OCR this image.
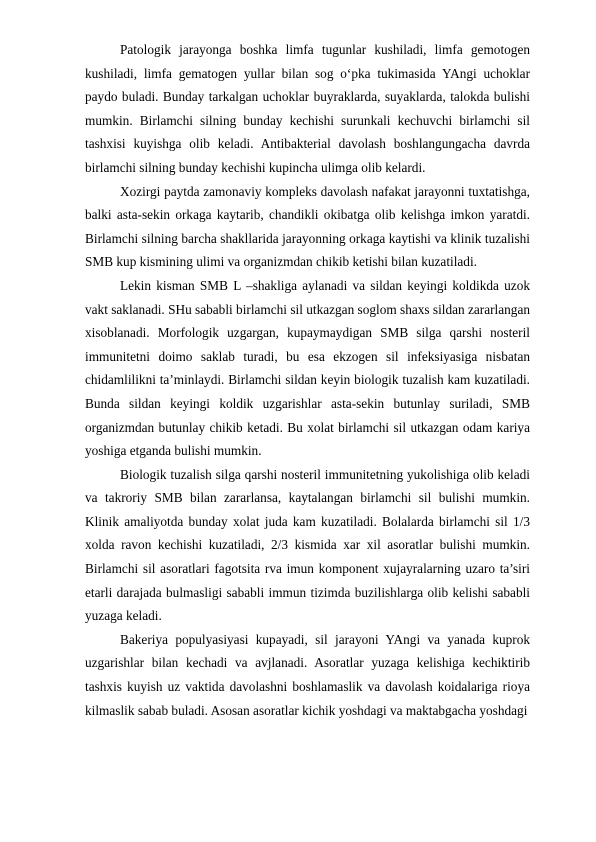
Patologik jarayonga boshka limfa tugunlar kushiladi, limfa gemotogen kushiladi, limfa gematogen yullar bilan sog o‘pka tukimasida YAngi uchoklar paydo buladi. Bunday tarkalgan uchoklar buyraklarda, suyaklarda, talokda bulishi mumkin. Birlamchi silning bunday kechishi surunkali kechuvchi birlamchi sil tashxisi kuyishga olib keladi. Antibakterial davolash boshlangungacha davrda birlamchi silning bunday kechishi kupincha ulimga olib kelardi.

Xozirgi paytda zamonaviy kompleks davolash nafakat jarayonni tuxtatishga, balki asta-sekin orkaga kaytarib, chandikli okibatga olib kelishga imkon yaratdi. Birlamchi silning barcha shakllarida jarayonning orkaga kaytishi va klinik tuzalishi SMB kup kismining ulimi va organizmdan chikib ketishi bilan kuzatiladi.

Lekin kisman SMB L –shakliga aylanadi va sildan keyingi koldikda uzok vakt saklanadi. SHu sababli birlamchi sil utkazgan soglom shaxs sildan zararlangan xisoblanadi. Morfologik uzgargan, kupaymaydigan SMB silga qarshi nosteril immunitetni doimo saklab turadi, bu esa ekzogen sil infeksiyasiga nisbatan chidamlilikni ta’minlaydi. Birlamchi sildan keyin biologik tuzalish kam kuzatiladi. Bunda sildan keyingi koldik uzgarishlar asta-sekin butunlay suriladi, SMB organizmdan butunlay chikib ketadi. Bu xolat birlamchi sil utkazgan odam kariya yoshiga etganda bulishi mumkin.

Biologik tuzalish silga qarshi nosteril immunitetning yukolishiga olib keladi va takroriy SMB bilan zararlansa, kaytalangan birlamchi sil bulishi mumkin. Klinik amaliyotda bunday xolat juda kam kuzatiladi. Bolalarda birlamchi sil 1/3 xolda ravon kechishi kuzatiladi, 2/3 kismida xar xil asoratlar bulishi mumkin. Birlamchi sil asoratlari fagotsita rva imun komponent xujayralarning uzaro ta’siri etarli darajada bulmasligi sababli immun tizimda buzilishlarga olib kelishi sababli yuzaga keladi.

Bakeriya populyasiyasi kupayadi, sil jarayoni YAngi va yanada kuprok uzgarishlar bilan kechadi va avjlanadi. Asoratlar yuzaga kelishiga kechiktirib tashxis kuyish uz vaktida davolashni boshlamaslik va davolash koidalariga rioya kilmaslik sabab buladi. Asosan asoratlar kichik yoshdagi va maktabgacha yoshdagi
